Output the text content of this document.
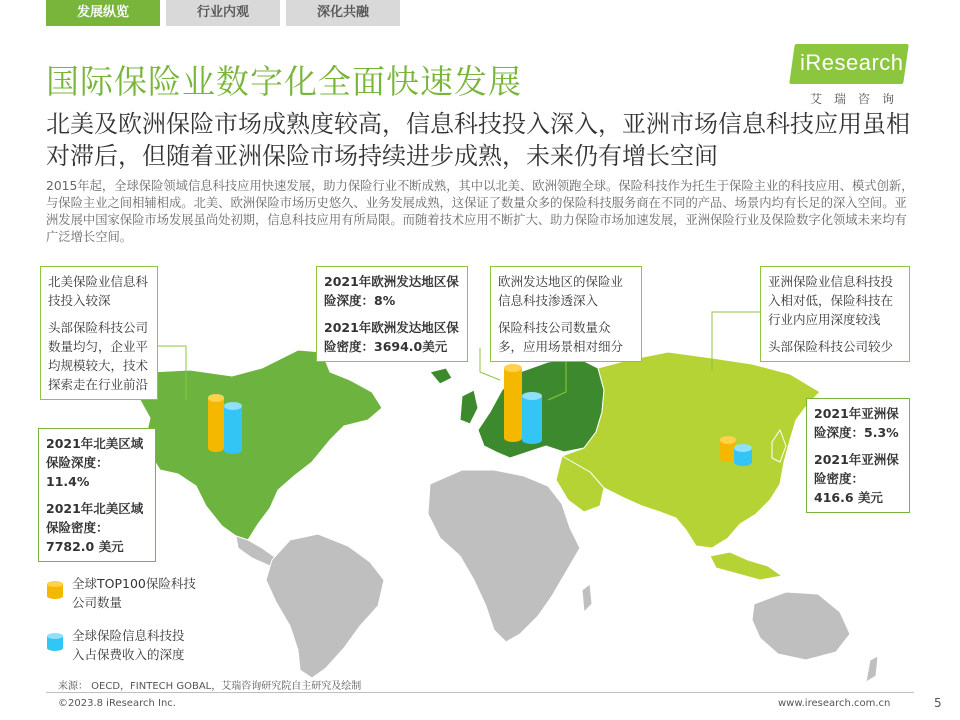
发展纵览	行业内观	深化共融
iResearch
艾瑞咨询
国际保险业数字化全面快速发展
北美及欧洲保险市场成熟度较高，信息科技投入深入，亚洲市场信息科技应用虽相对滞后，但随着亚洲保险市场持续进步成熟，未来仍有增长空间
2015年起，全球保险领域信息科技应用快速发展，助力保险行业不断成熟，其中以北美、欧洲领跑全球。保险科技作为托生于保险主业的科技应用、模式创新，与保险主业之间相辅相成。北美、欧洲保险市场历史悠久、业务发展成熟，这保证了数量众多的保险科技服务商在不同的产品、场景内均有长足的深入空间。亚洲发展中国家保险市场发展虽尚处初期，信息科技应用有所局限。而随着技术应用不断扩大、助力保险市场加速发展，亚洲保险行业及保险数字化领域未来均有广泛增长空间。

北美保险业信息科技投入较深

头部保险科技公司数量均匀，企业平均规模较大，技术探索走在行业前沿

2021年北美区域保险深度：11.4%

2021年北美区域保险密度：7782.0 美元

2021年欧洲发达地区保险深度：8%

2021年欧洲发达地区保险密度：3694.0美元

欧洲发达地区的保险业信息科技渗透深入

保险科技公司数量众多，应用场景相对细分

亚洲保险业信息科技投入相对低，保险科技在行业内应用深度较浅

头部保险科技公司较少

2021年亚洲保险深度：5.3%

2021年亚洲保险密度：416.6 美元

全球TOP100保险科技公司数量
全球保险信息科技投入占保费收入的深度
来源： OECD，FINTECH GOBAL，艾瑞咨询研究院自主研究及绘制
©2023.8 iResearch Inc.	www.iresearch.com.cn	5
